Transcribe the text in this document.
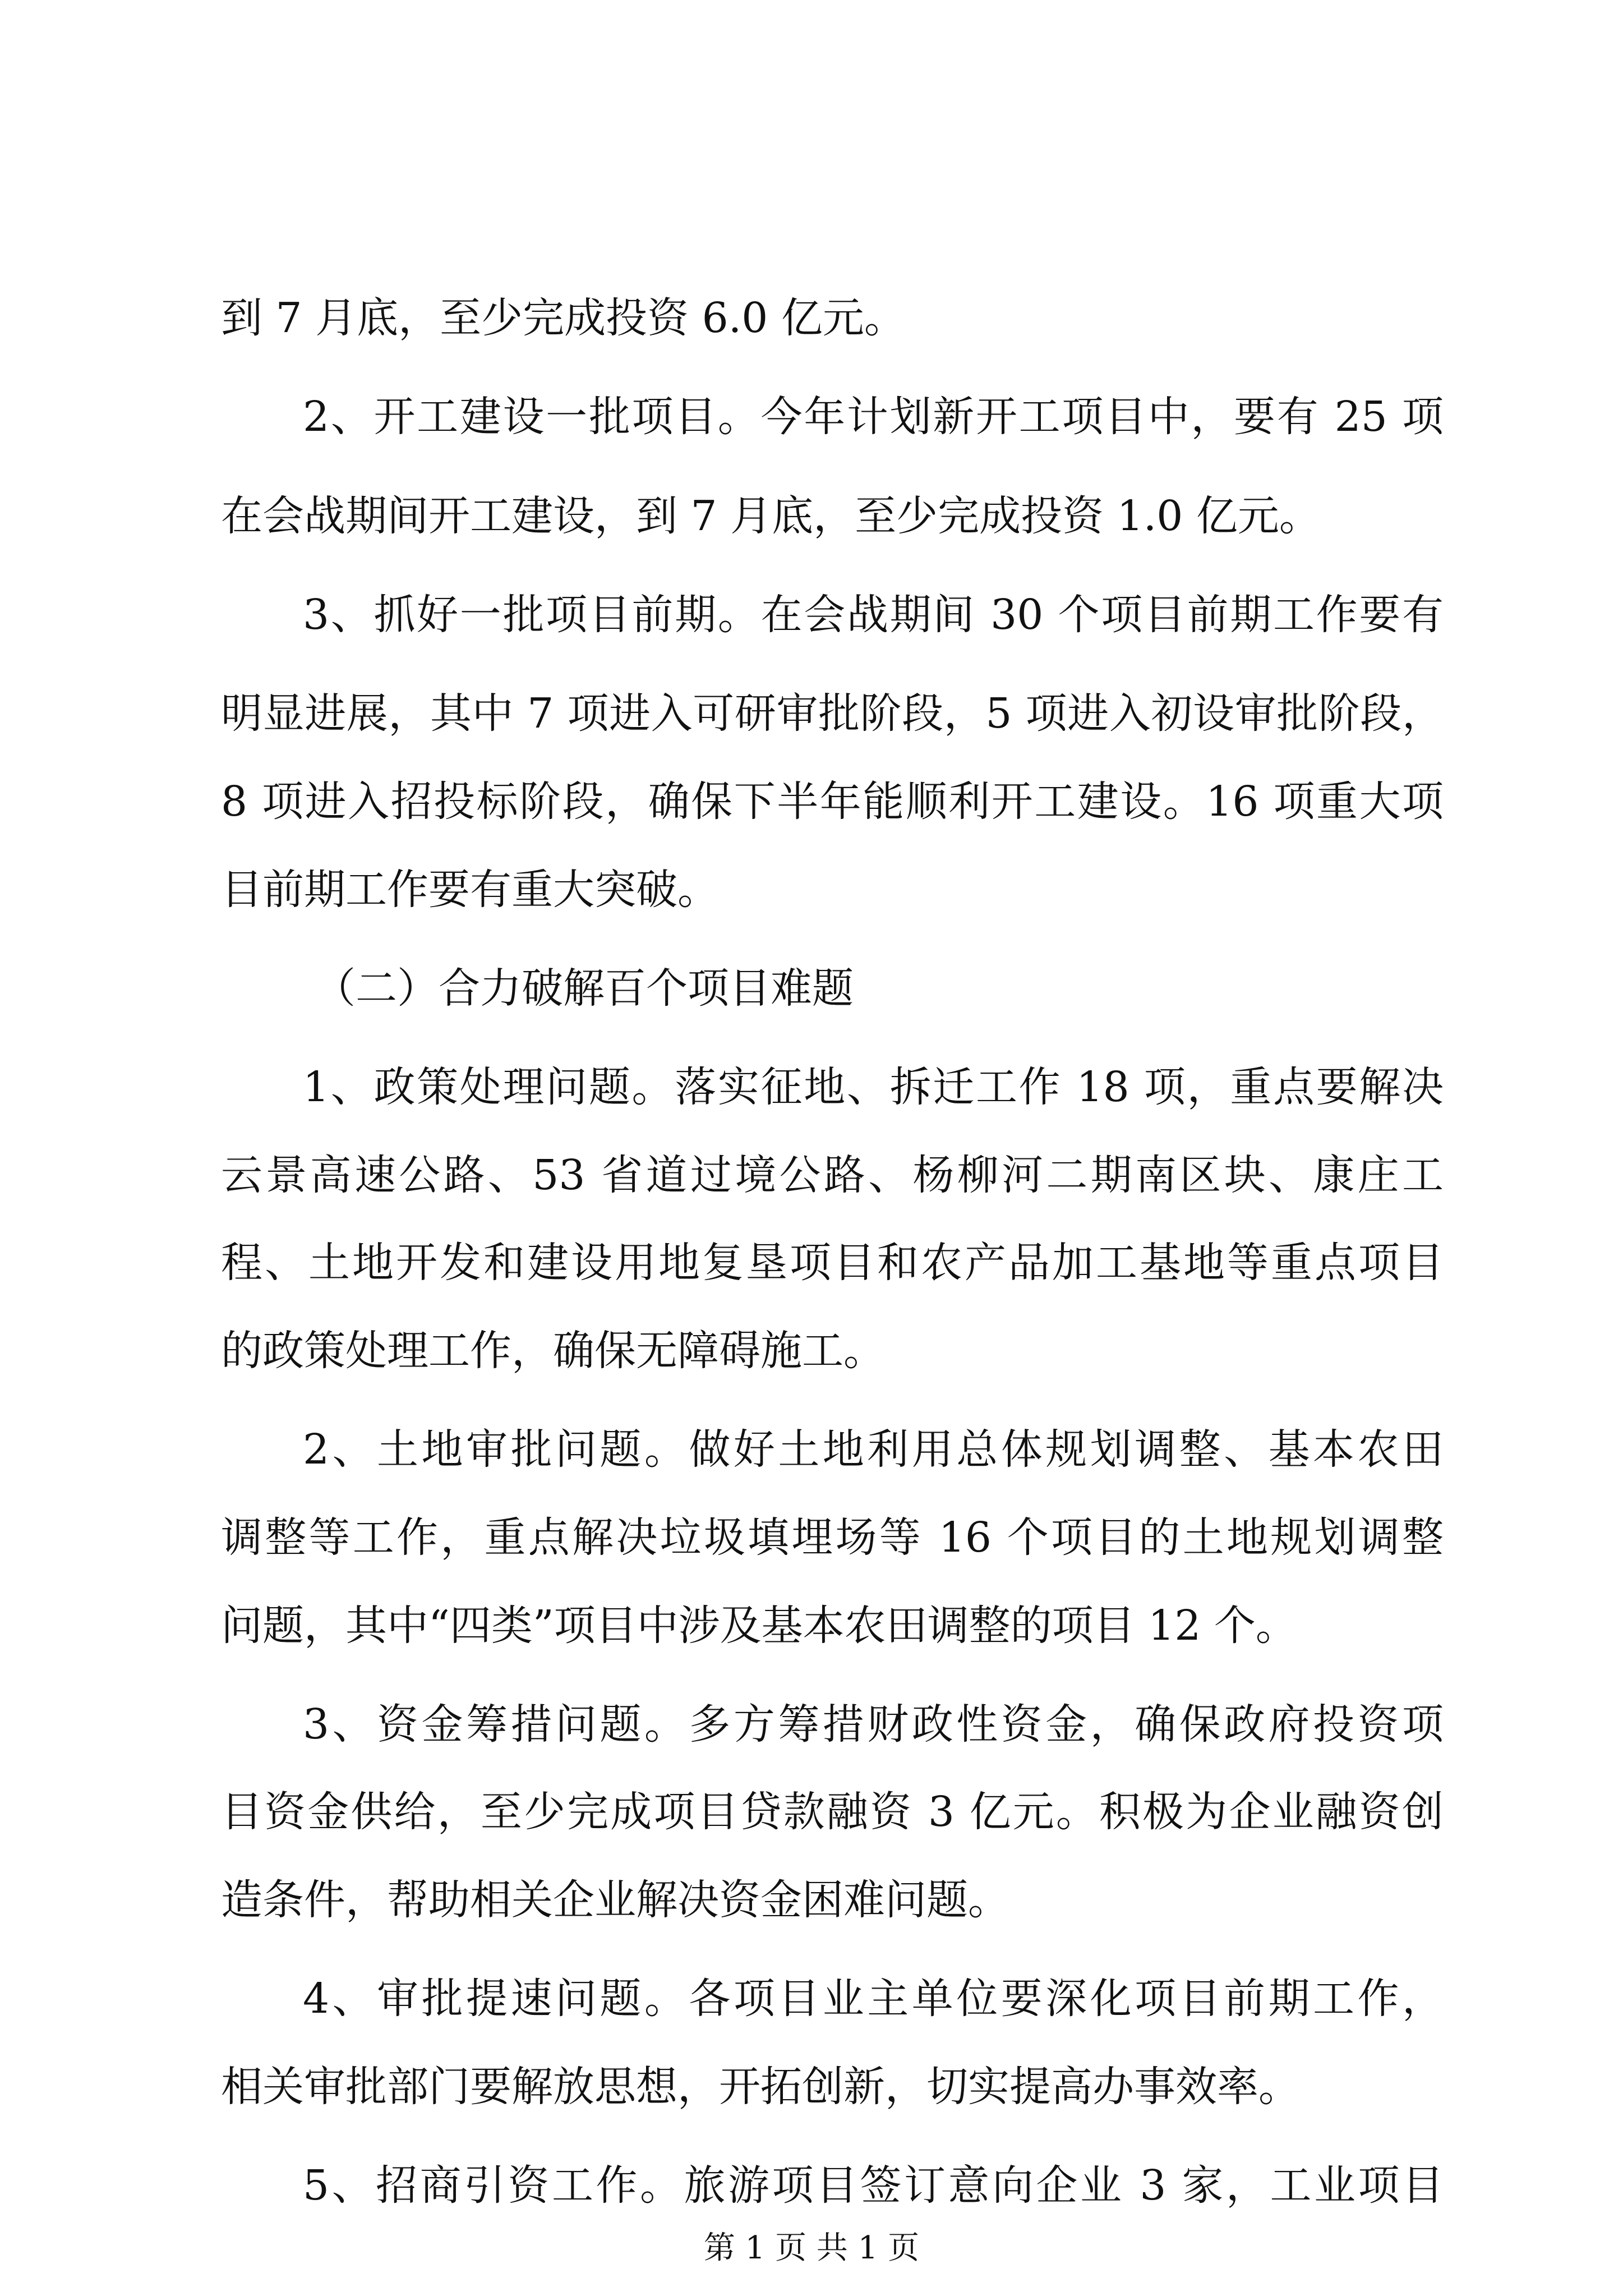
到 7 月底，至少完成投资 6.0 亿元。
2、开工建设一批项目。今年计划新开工项目中，要有 25 项
在会战期间开工建设，到 7 月底，至少完成投资 1.0 亿元。
3、抓好一批项目前期。在会战期间 30 个项目前期工作要有
明显进展，其中 7 项进入可研审批阶段，5 项进入初设审批阶段，
8 项进入招投标阶段，确保下半年能顺利开工建设。16 项重大项
目前期工作要有重大突破。
（二）合力破解百个项目难题
1、政策处理问题。落实征地、拆迁工作 18 项，重点要解决
云景高速公路、53 省道过境公路、杨柳河二期南区块、康庄工
程、土地开发和建设用地复垦项目和农产品加工基地等重点项目
的政策处理工作，确保无障碍施工。
2、土地审批问题。做好土地利用总体规划调整、基本农田
调整等工作，重点解决垃圾填埋场等 16 个项目的土地规划调整
问题，其中“四类”项目中涉及基本农田调整的项目 12 个。
3、资金筹措问题。多方筹措财政性资金，确保政府投资项
目资金供给，至少完成项目贷款融资 3 亿元。积极为企业融资创
造条件，帮助相关企业解决资金困难问题。
4、审批提速问题。各项目业主单位要深化项目前期工作，
相关审批部门要解放思想，开拓创新，切实提高办事效率。
5、招商引资工作。旅游项目签订意向企业 3 家，工业项目
第 1 页 共 1 页
